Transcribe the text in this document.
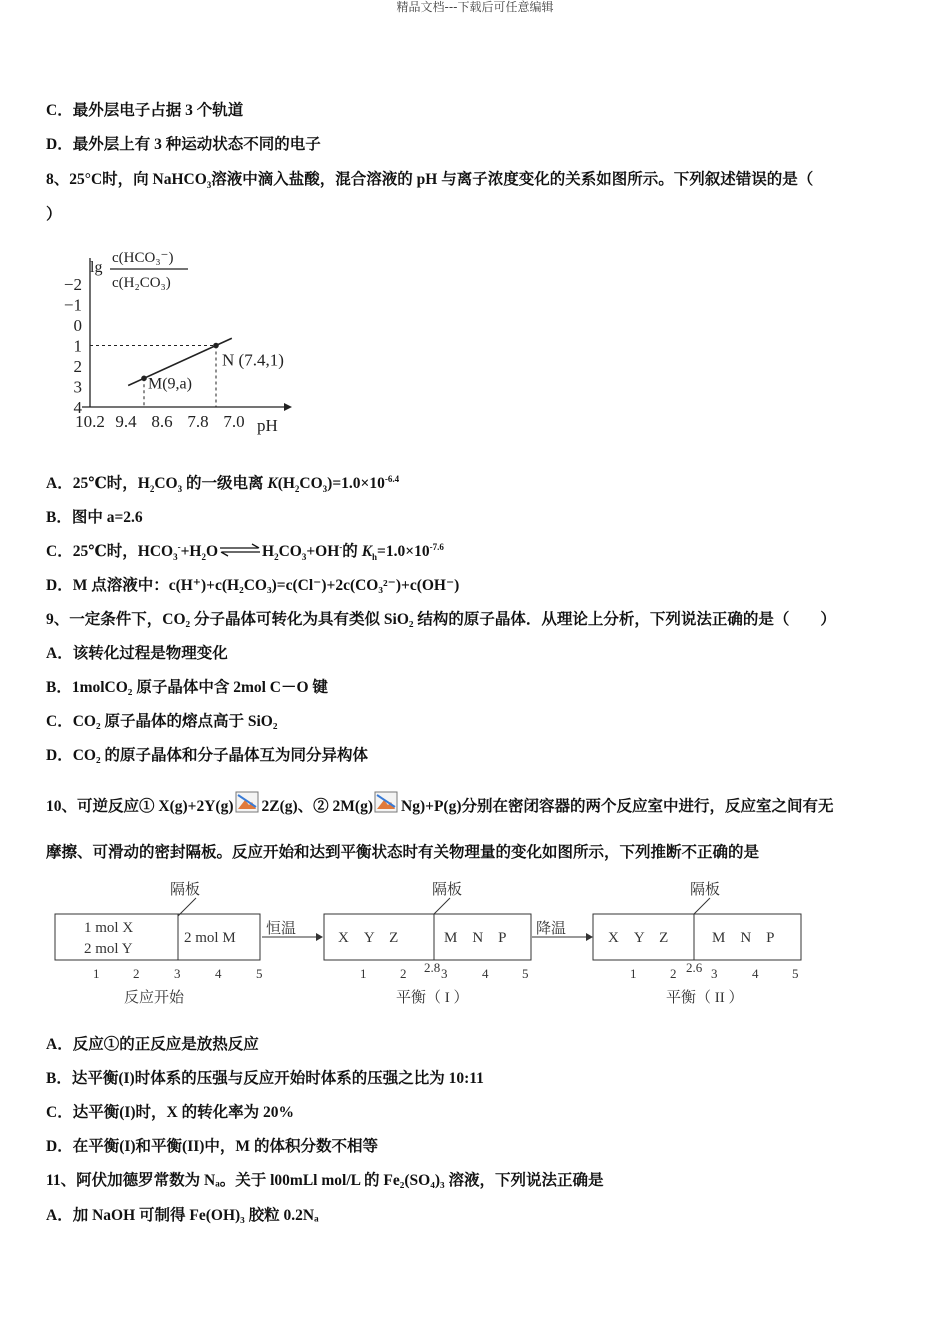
精品文档---下载后可任意编辑
C．最外层电子占据 3 个轨道
D．最外层上有 3 种运动状态不同的电子
8、25°C时，向 NaHCO$_3$溶液中滴入盐酸，混合溶液的 pH 与离子浓度变化的关系如图所示。下列叙述错误的是（
）
lg
c(HCO₃⁻)
c(H₂CO₃)
−2
−1
0
1
2
3
4
10.2 9.4 8.6 7.8 7.0 pH
N (7.4,1)
M(9,a)
A．25℃时，$H_2CO_3$ 的一级电离 $K(H_2CO_3)=1.0\times 10^{-6.4}$
B．图中 a=2.6
C．25℃时，$HCO_3^-+H_2O\rightleftharpoons H_2CO_3+OH^-$的 $K_h=1.0\times 10^{-7.6}$
D．M 点溶液中：c(H⁺)+c(H₂CO₃)=c(Cl⁻)+2c(CO₃²⁻)+c(OH⁻)
9、一定条件下，CO₂ 分子晶体可转化为具有类似 SiO₂ 结构的原子晶体．从理论上分析，下列说法正确的是（　　）
A．该转化过程是物理变化
B．1molCO₂ 原子晶体中含 2mol C－O 键
C．CO₂ 原子晶体的熔点高于 SiO₂
D．CO₂ 的原子晶体和分子晶体互为同分异构体
10、可逆反应① X(g)+2Y(g) 2Z(g)、② 2M(g) Ng)+P(g)分别在密闭容器的两个反应室中进行，反应室之间有无
摩擦、可滑动的密封隔板。反应开始和达到平衡状态时有关物理量的变化如图所示，下列推断不正确的是
隔板
1 mol X
2 mol Y
2 mol M
恒温
隔板
X　Y　Z	M　N　P
降温
隔板
X　Y　Z	M　N　P
1	2	3	4	5	1	2 2.8 3	4	5	1	2 2.6 3	4	5
反应开始	平衡（ I ）	平衡（ II ）
A．反应①的正反应是放热反应
B．达平衡(I)时体系的压强与反应开始时体系的压强之比为 10:11
C．达平衡(I)时，X 的转化率为 20%
D．在平衡(I)和平衡(II)中，M 的体积分数不相等
11、阿伏加德罗常数为 Nₐ。关于 l00mLl mol/L 的 Fe₂(SO₄)₃ 溶液，下列说法正确是
A．加 NaOH 可制得 Fe(OH)₃ 胶粒 0.2Nₐ
